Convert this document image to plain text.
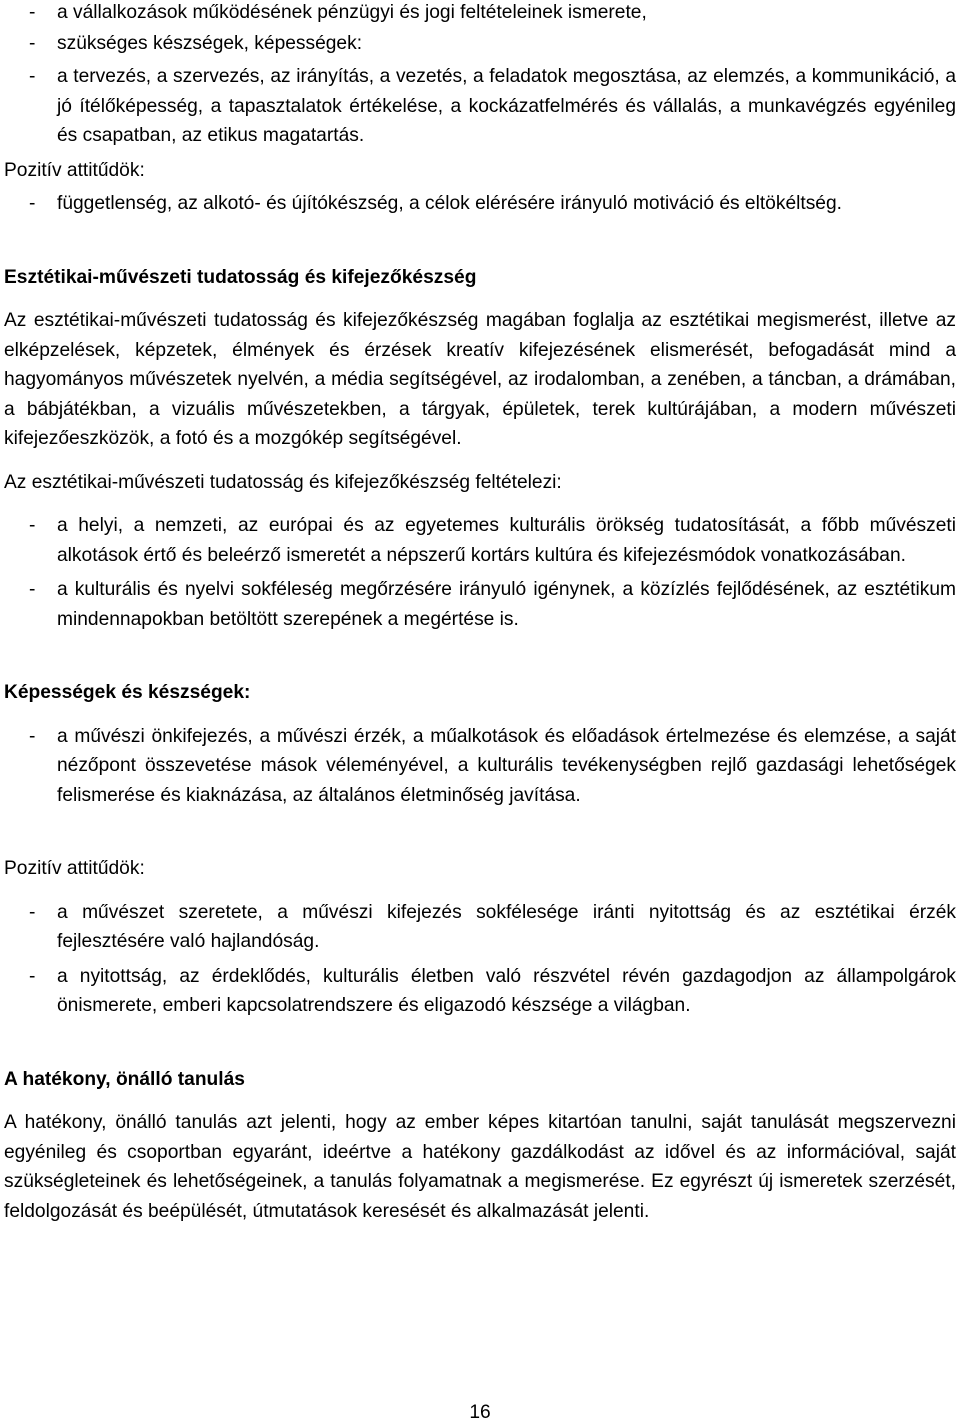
- a vállalkozások működésének pénzügyi és jogi feltételeinek ismerete,
- szükséges készségek, képességek:
- a tervezés, a szervezés, az irányítás, a vezetés, a feladatok megosztása, az elemzés, a kommunikáció, a jó ítélőképesség, a tapasztalatok értékelése, a kockázatfelmérés és vállalás, a munkavégzés egyénileg és csapatban, az etikus magatartás.

Pozitív attitűdök:

- függetlenség, az alkotó- és újítókészség, a célok elérésére irányuló motiváció és eltökéltség.
Esztétikai-művészeti tudatosság és kifejezőkészség

Az esztétikai-művészeti tudatosság és kifejezőkészség magában foglalja az esztétikai megismerést, illetve az elképzelések, képzetek, élmények és érzések kreatív kifejezésének elismerését, befogadását mind a hagyományos művészetek nyelvén, a média segítségével, az irodalomban, a zenében, a táncban, a drámában, a bábjátékban, a vizuális művészetekben, a tárgyak, épületek, terek kultúrájában, a modern művészeti kifejezőeszközök, a fotó és a mozgókép segítségével.

Az esztétikai-művészeti tudatosság és kifejezőkészség feltételezi:

- a helyi, a nemzeti, az európai és az egyetemes kulturális örökség tudatosítását, a főbb művészeti alkotások értő és beleérző ismeretét a népszerű kortárs kultúra és kifejezésmódok vonatkozásában.
- a kulturális és nyelvi sokféleség megőrzésére irányuló igénynek, a közízlés fejlődésének, az esztétikum mindennapokban betöltött szerepének a megértése is.
Képességek és készségek:
- a művészi önkifejezés, a művészi érzék, a műalkotások és előadások értelmezése és elemzése, a saját nézőpont összevetése mások véleményével, a kulturális tevékenységben rejlő gazdasági lehetőségek felismerése és kiaknázása, az általános életminőség javítása.

Pozitív attitűdök:

- a művészet szeretete, a művészi kifejezés sokfélesége iránti nyitottság és az esztétikai érzék fejlesztésére való hajlandóság.
- a nyitottság, az érdeklődés, kulturális életben való részvétel révén gazdagodjon az állampolgárok önismerete, emberi kapcsolatrendszere és eligazodó készsége a világban.
A hatékony, önálló tanulás

A hatékony, önálló tanulás azt jelenti, hogy az ember képes kitartóan tanulni, saját tanulását megszervezni egyénileg és csoportban egyaránt, ideértve a hatékony gazdálkodást az idővel és az információval, saját szükségleteinek és lehetőségeinek, a tanulás folyamatnak a megismerése. Ez egyrészt új ismeretek szerzését, feldolgozását és beépülését, útmutatások keresését és alkalmazását jelenti.

16
